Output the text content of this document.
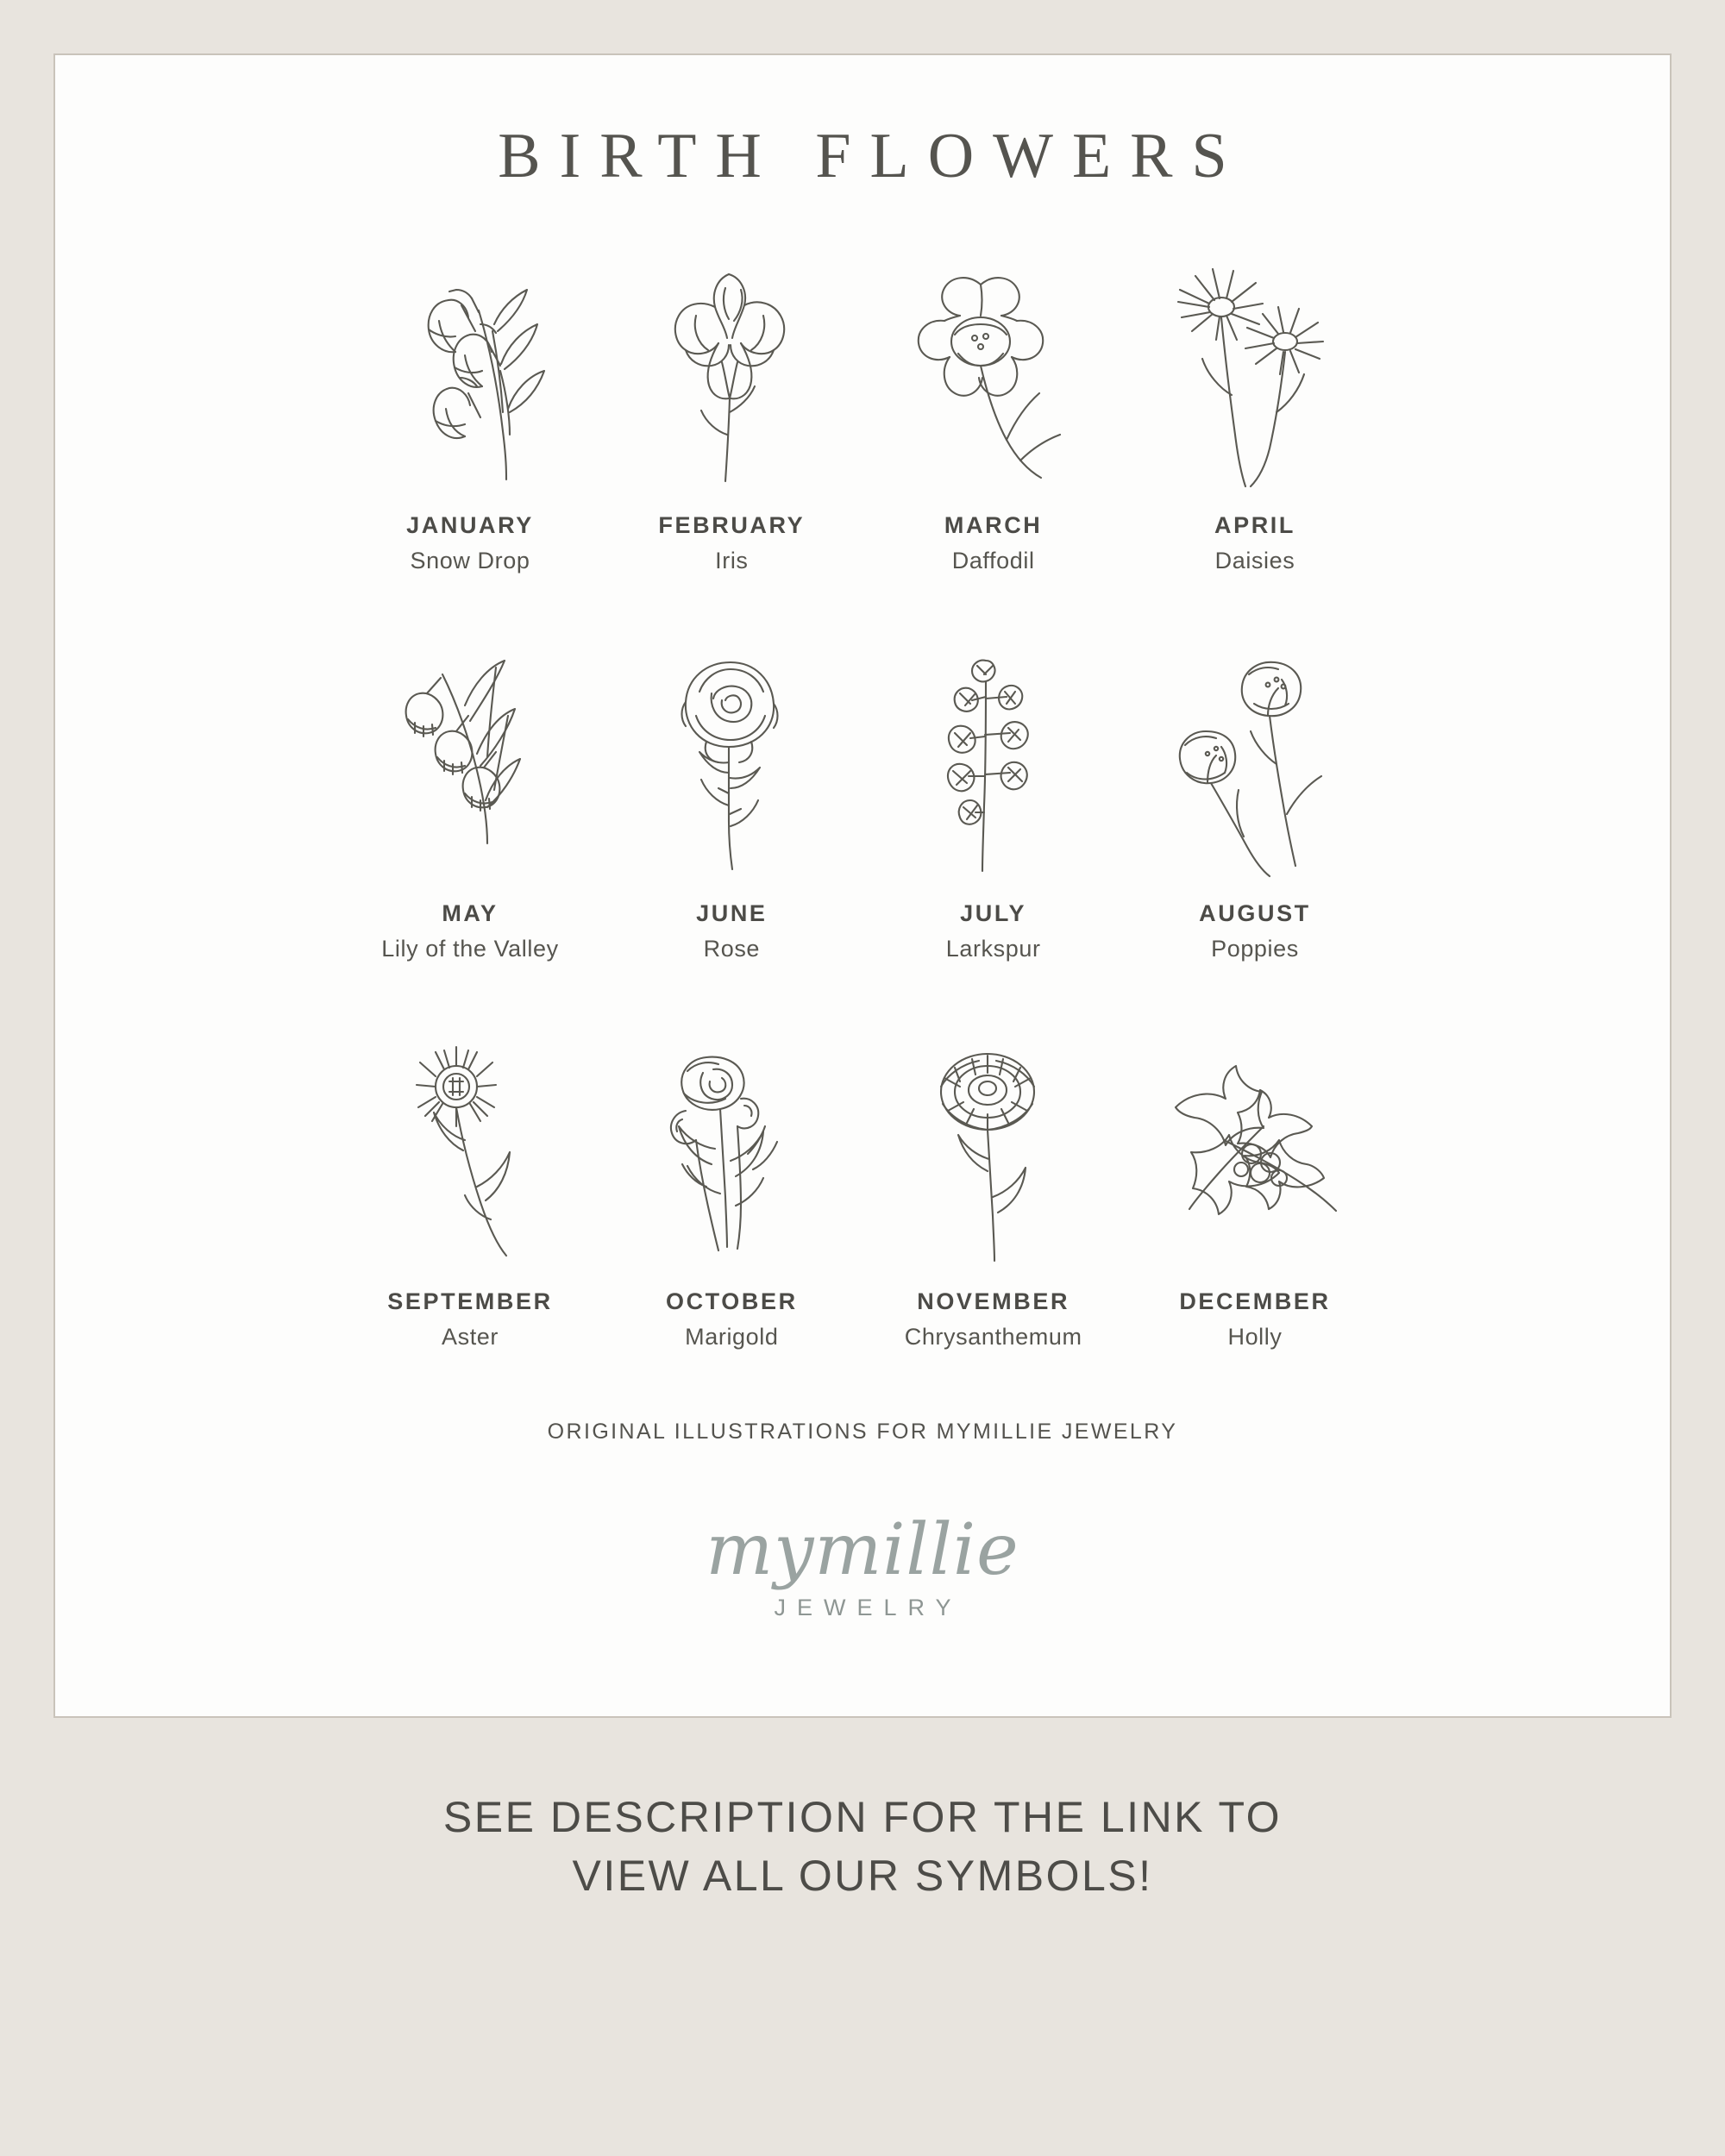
BIRTH FLOWERS
JANUARY
Snow Drop
FEBRUARY
Iris
MARCH
Daffodil
APRIL
Daisies
MAY
Lily of the Valley
JUNE
Rose
JULY
Larkspur
AUGUST
Poppies
SEPTEMBER
Aster
OCTOBER
Marigold
NOVEMBER
Chrysanthemum
DECEMBER
Holly
ORIGINAL ILLUSTRATIONS FOR MYMILLIE JEWELRY
mymillie
JEWELRY
SEE DESCRIPTION FOR THE LINK TO
VIEW ALL OUR SYMBOLS!
